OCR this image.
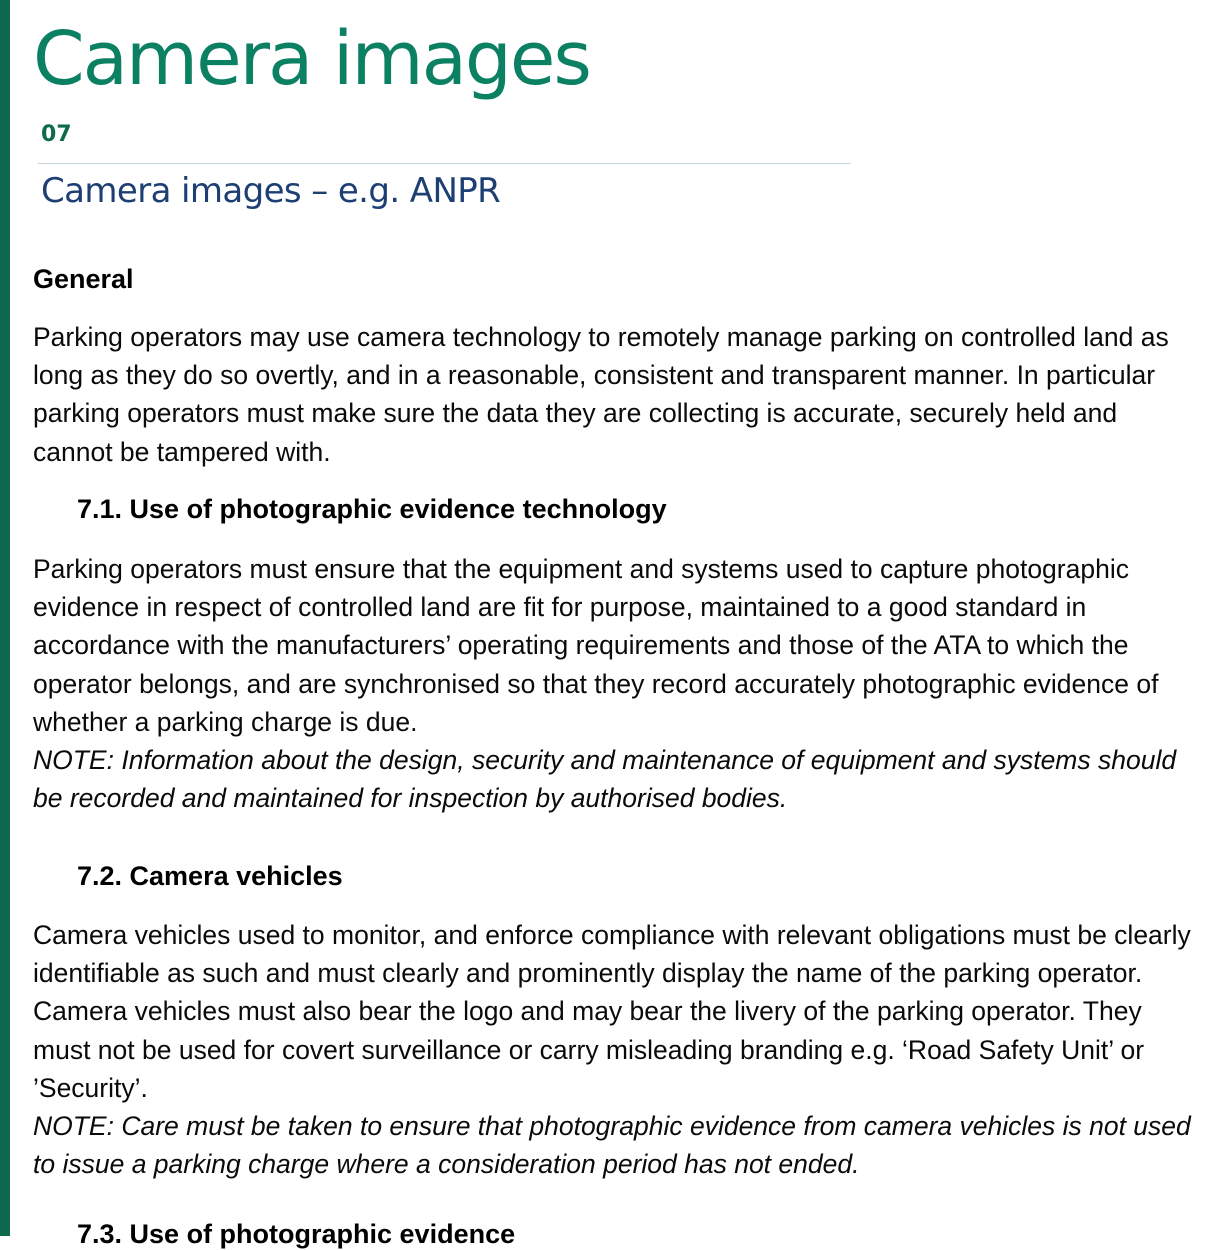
Camera images
07
Camera images – e.g. ANPR
General

Parking operators may use camera technology to remotely manage parking on controlled land as long as they do so overtly, and in a reasonable, consistent and transparent manner. In particular parking operators must make sure the data they are collecting is accurate, securely held and cannot be tampered with.

7.1. Use of photographic evidence technology

Parking operators must ensure that the equipment and systems used to capture photographic evidence in respect of controlled land are fit for purpose, maintained to a good standard in accordance with the manufacturers’ operating requirements and those of the ATA to which the operator belongs, and are synchronised so that they record accurately photographic evidence of whether a parking charge is due.
NOTE: Information about the design, security and maintenance of equipment and systems should be recorded and maintained for inspection by authorised bodies.

7.2. Camera vehicles

Camera vehicles used to monitor, and enforce compliance with relevant obligations must be clearly identifiable as such and must clearly and prominently display the name of the parking operator. Camera vehicles must also bear the logo and may bear the livery of the parking operator. They must not be used for covert surveillance or carry misleading branding e.g. ‘Road Safety Unit’ or ’Security’.
NOTE: Care must be taken to ensure that photographic evidence from camera vehicles is not used to issue a parking charge where a consideration period has not ended.

7.3. Use of photographic evidence
